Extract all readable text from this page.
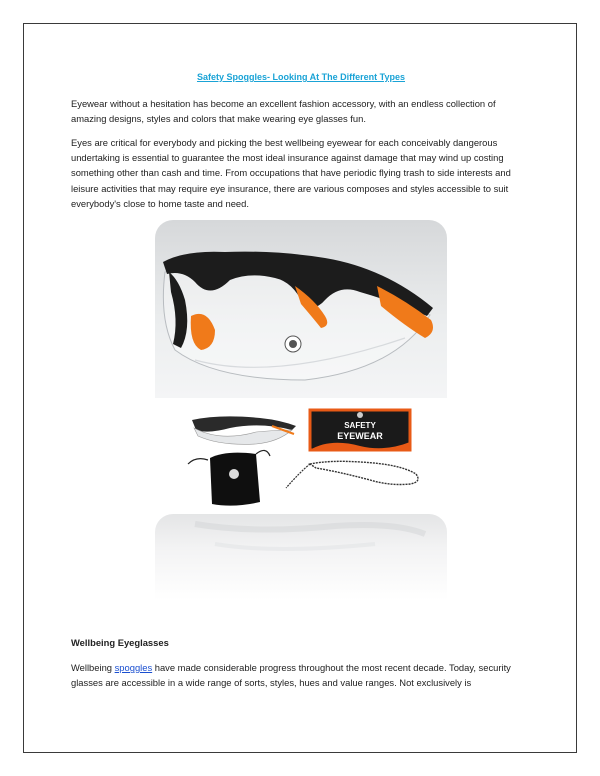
Safety Spoggles- Looking At The Different Types
Eyewear without a hesitation has become an excellent fashion accessory, with an endless collection of amazing designs, styles and colors that make wearing eye glasses fun.
Eyes are critical for everybody and picking the best wellbeing eyewear for each conceivably dangerous undertaking is essential to guarantee the most ideal insurance against damage that may wind up costing something other than cash and time. From occupations that have periodic flying trash to side interests and leisure activities that may require eye insurance, there are various composes and styles accessible to suit everybody's close to home taste and need.
Wellbeing Eyeglasses
Wellbeing spoggles have made considerable progress throughout the most recent decade. Today, security glasses are accessible in a wide range of sorts, styles, hues and value ranges. Not exclusively is
SAFETY
EYEWEAR
